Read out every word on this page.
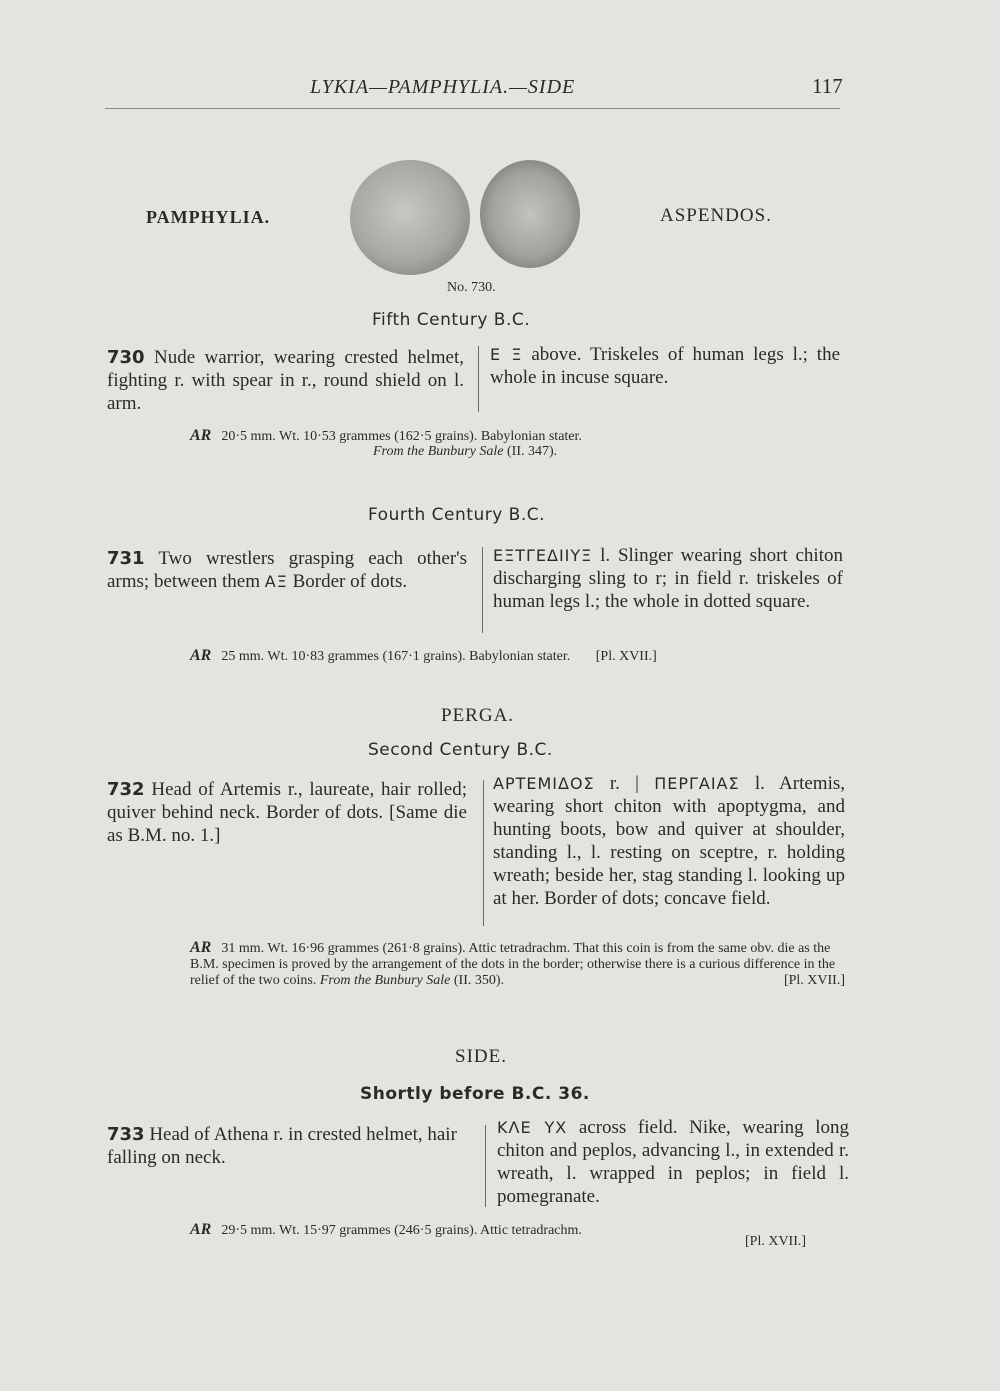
LYKIA—PAMPHYLIA.—SIDE	117
PAMPHYLIA.	ASPENDOS.
No. 730.
Fifth Century B.C.
730 Nude warrior, wearing crested helmet, fighting r. with spear in r., round shield on l. arm.
Ε Ξ above. Triskeles of human legs l.; the whole in incuse square.
AR 20·5 mm. Wt. 10·53 grammes (162·5 grains). Babylonian stater.
From the Bunbury Sale (II. 347).
Fourth Century B.C.
731 Two wrestlers grasping each other's arms; between them ΑΞ Border of dots.
ΕΞΤΓΕΔΙΙΥΞ l. Slinger wearing short chiton discharging sling to r; in field r. triskeles of human legs l.; the whole in dotted square.
AR 25 mm. Wt. 10·83 grammes (167·1 grains). Babylonian stater. [Pl. XVII.]
PERGA.
Second Century B.C.
732 Head of Artemis r., laureate, hair rolled; quiver behind neck. Border of dots. [Same die as B.M. no. 1.]
ΑΡΤΕΜΙΔΟΣ r. | ΠΕΡΓΑΙΑΣ l. Artemis, wearing short chiton with apoptygma, and hunting boots, bow and quiver at shoulder, standing l., l. resting on sceptre, r. holding wreath; beside her, stag standing l. looking up at her. Border of dots; concave field.
AR 31 mm. Wt. 16·96 grammes (261·8 grains). Attic tetradrachm. That this coin is from the same obv. die as the B.M. specimen is proved by the arrangement of the dots in the border; otherwise there is a curious difference in the relief of the two coins. From the Bunbury Sale (II. 350).	[Pl. XVII.]
SIDE.
Shortly before B.C. 36.
733 Head of Athena r. in crested helmet, hair falling on neck.
ΚΛΕ ΥΧ across field. Nike, wearing long chiton and peplos, advancing l., in extended r. wreath, l. wrapped in peplos; in field l. pomegranate.
AR 29·5 mm. Wt. 15·97 grammes (246·5 grains). Attic tetradrachm.
[Pl. XVII.]
